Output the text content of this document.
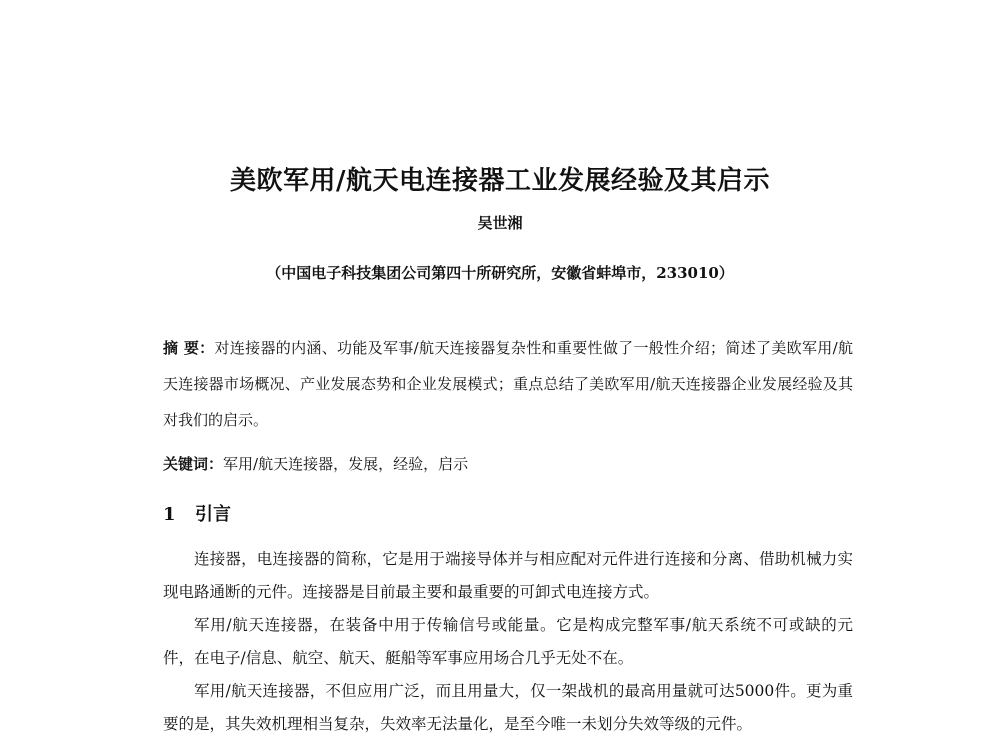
美欧军用/航天电连接器工业发展经验及其启示
吴世湘
（中国电子科技集团公司第四十所研究所，安徽省蚌埠市，233010）
摘 要：对连接器的内涵、功能及军事/航天连接器复杂性和重要性做了一般性介绍；简述了美欧军用/航天连接器市场概况、产业发展态势和企业发展模式；重点总结了美欧军用/航天连接器企业发展经验及其对我们的启示。
关键词：军用/航天连接器，发展，经验，启示
1 引言

连接器，电连接器的简称，它是用于端接导体并与相应配对元件进行连接和分离、借助机械力实现电路通断的元件。连接器是目前最主要和最重要的可卸式电连接方式。

军用/航天连接器，在装备中用于传输信号或能量。它是构成完整军事/航天系统不可或缺的元件，在电子/信息、航空、航天、艇船等军事应用场合几乎无处不在。

军用/航天连接器，不但应用广泛，而且用量大，仅一架战机的最高用量就可达5000件。更为重要的是，其失效机理相当复杂，失效率无法量化，是至今唯一未划分失效等级的元件。
